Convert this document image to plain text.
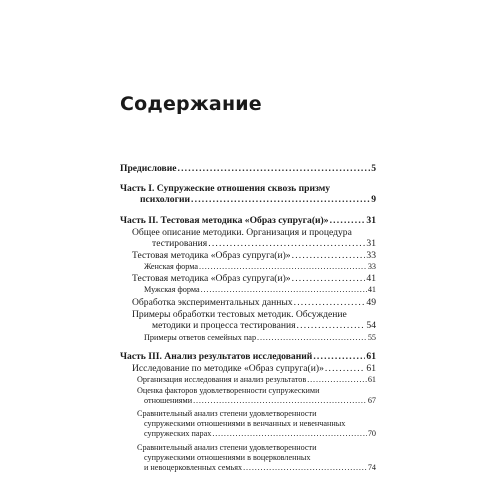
Содержание
Предисловие . . .	5
Часть I. Супружеские отношения сквозь призму
психологии . . .	9
Часть II. Тестовая методика «Образ супруга(и)» . . .	31
Общее описание методики. Организация и процедура
тестирования . . .	31
Тестовая методика «Образ супруга(и)» . . .	33
Женская форма . . .	33
Тестовая методика «Образ супруга(и)» . . .	41
Мужская форма . . .	41
Обработка экспериментальных данных . . .	49
Примеры обработки тестовых методик. Обсуждение
методики и процесса тестирования . . .	54
Примеры ответов семейных пар . . .	55
Часть III. Анализ результатов исследований . . .	61
Исследование по методике «Образ супруга(и)» . . .	61
Организация исследования и анализ результатов . . .	61
Оценка факторов удовлетворенности супружескими
отношениями . . .	67
Сравнительный анализ степени удовлетворенности
супружескими отношениями в венчанных и невенчанных
супружеских парах . . .	70
Сравнительный анализ степени удовлетворенности
супружескими отношениями в воцерковленных
и невоцерковленных семьях . . .	74
